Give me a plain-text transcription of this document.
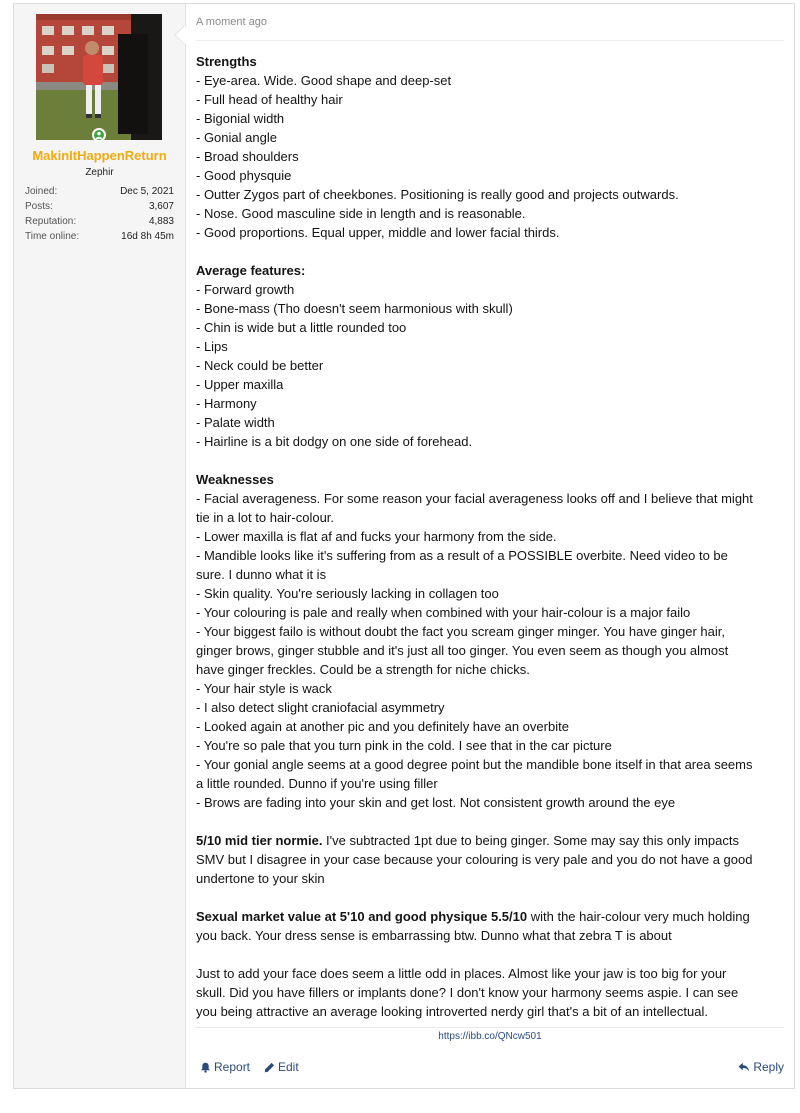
MakinItHappenReturn
Zephir
Joined:	Dec 5, 2021
Posts:	3,607
Reputation:	4,883
Time online:	16d 8h 45m
A moment ago
Strengths
- Eye-area. Wide. Good shape and deep-set
- Full head of healthy hair
- Bigonial width
- Gonial angle
- Broad shoulders
- Good physquie
- Outter Zygos part of cheekbones. Positioning is really good and projects outwards.
- Nose. Good masculine side in length and is reasonable.
- Good proportions. Equal upper, middle and lower facial thirds.
Average features:
- Forward growth
- Bone-mass (Tho doesn't seem harmonious with skull)
- Chin is wide but a little rounded too
- Lips
- Neck could be better
- Upper maxilla
- Harmony
- Palate width
- Hairline is a bit dodgy on one side of forehead.
Weaknesses
- Facial averageness. For some reason your facial averageness looks off and I believe that might
tie in a lot to hair-colour.
- Lower maxilla is flat af and fucks your harmony from the side.
- Mandible looks like it's suffering from as a result of a POSSIBLE overbite. Need video to be
sure. I dunno what it is
- Skin quality. You're seriously lacking in collagen too
- Your colouring is pale and really when combined with your hair-colour is a major failo
- Your biggest failo is without doubt the fact you scream ginger minger. You have ginger hair,
ginger brows, ginger stubble and it's just all too ginger. You even seem as though you almost
have ginger freckles. Could be a strength for niche chicks.
- Your hair style is wack
- I also detect slight craniofacial asymmetry
- Looked again at another pic and you definitely have an overbite
- You're so pale that you turn pink in the cold. I see that in the car picture
- Your gonial angle seems at a good degree point but the mandible bone itself in that area seems
a little rounded. Dunno if you're using filler
- Brows are fading into your skin and get lost. Not consistent growth around the eye
5/10 mid tier normie. I've subtracted 1pt due to being ginger. Some may say this only impacts
SMV but I disagree in your case because your colouring is very pale and you do not have a good
undertone to your skin
Sexual market value at 5'10 and good physique 5.5/10 with the hair-colour very much holding
you back. Your dress sense is embarrassing btw. Dunno what that zebra T is about
Just to add your face does seem a little odd in places. Almost like your jaw is too big for your
skull. Did you have fillers or implants done? I don't know your harmony seems aspie. I can see
you being attractive an average looking introverted nerdy girl that's a bit of an intellectual.
https://ibb.co/QNcw501
Report Edit	Reply
